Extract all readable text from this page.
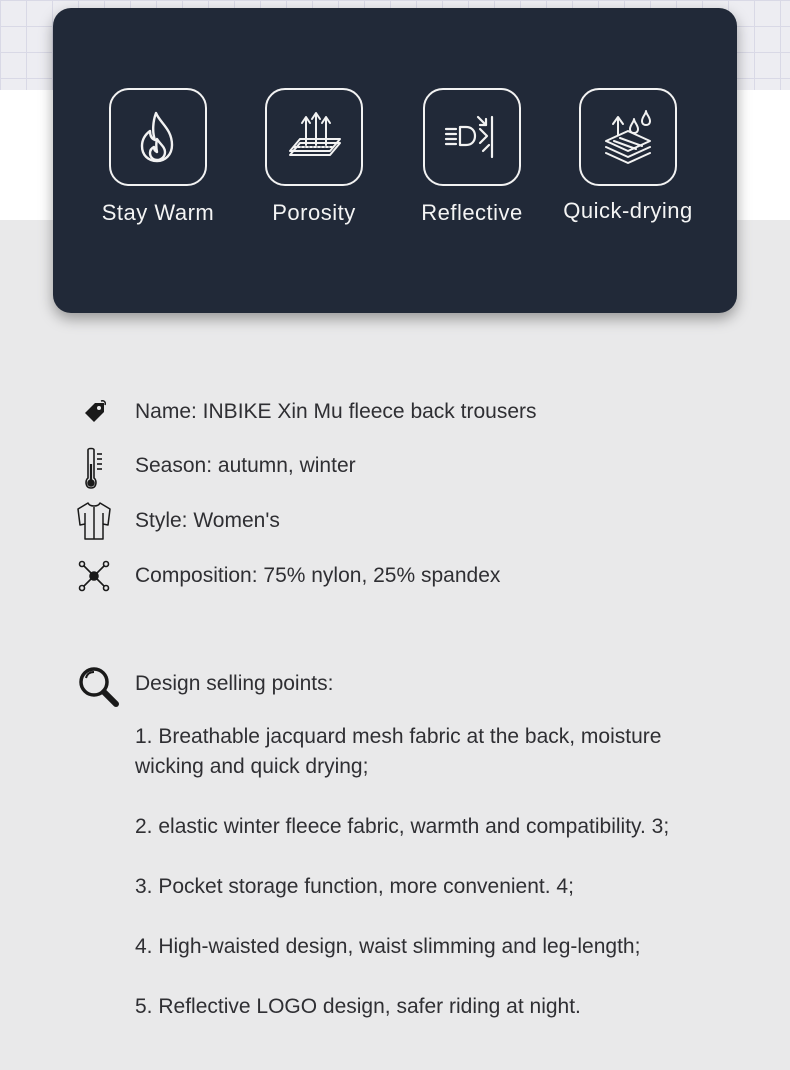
Stay Warm	Porosity	Reflective	Quick-drying
Name: INBIKE Xin Mu fleece back trousers
Season: autumn, winter
Style: Women's
Composition: 75% nylon, 25% spandex
Design selling points:

1. Breathable jacquard mesh fabric at the back, moisture wicking and quick drying;

2. elastic winter fleece fabric, warmth and compatibility. 3;

3. Pocket storage function, more convenient. 4;

4. High-waisted design, waist slimming and leg-length;

5. Reflective LOGO design, safer riding at night.
